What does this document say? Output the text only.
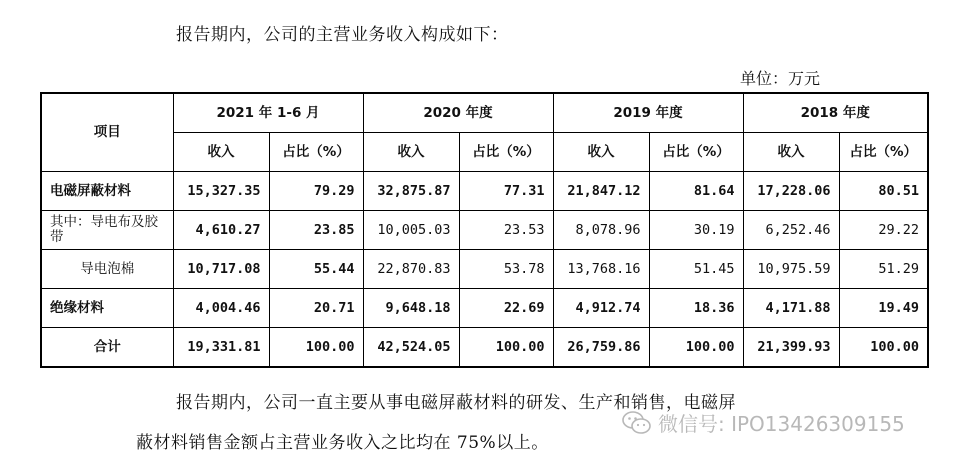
报告期内，公司的主营业务收入构成如下：
单位：万元
项目	2021 年 1-6 月		2020 年度		2019 年度		2018 年度	
	收入	占比（%）	收入	占比（%）	收入	占比（%）	收入	占比（%）
电磁屏蔽材料	15,327.35	79.29	32,875.87	77.31	21,847.12	81.64	17,228.06	80.51
其中：导电布及胶带	4,610.27	23.85	10,005.03	23.53	8,078.96	30.19	6,252.46	29.22
导电泡棉	10,717.08	55.44	22,870.83	53.78	13,768.16	51.45	10,975.59	51.29
绝缘材料	4,004.46	20.71	9,648.18	22.69	4,912.74	18.36	4,171.88	19.49
合计	19,331.81	100.00	42,524.05	100.00	26,759.86	100.00	21,399.93	100.00
报告期内，公司一直主要从事电磁屏蔽材料的研发、生产和销售，电磁屏
蔽材料销售金额占主营业务收入之比均在 75%以上。
微信号: IPO13426309155
